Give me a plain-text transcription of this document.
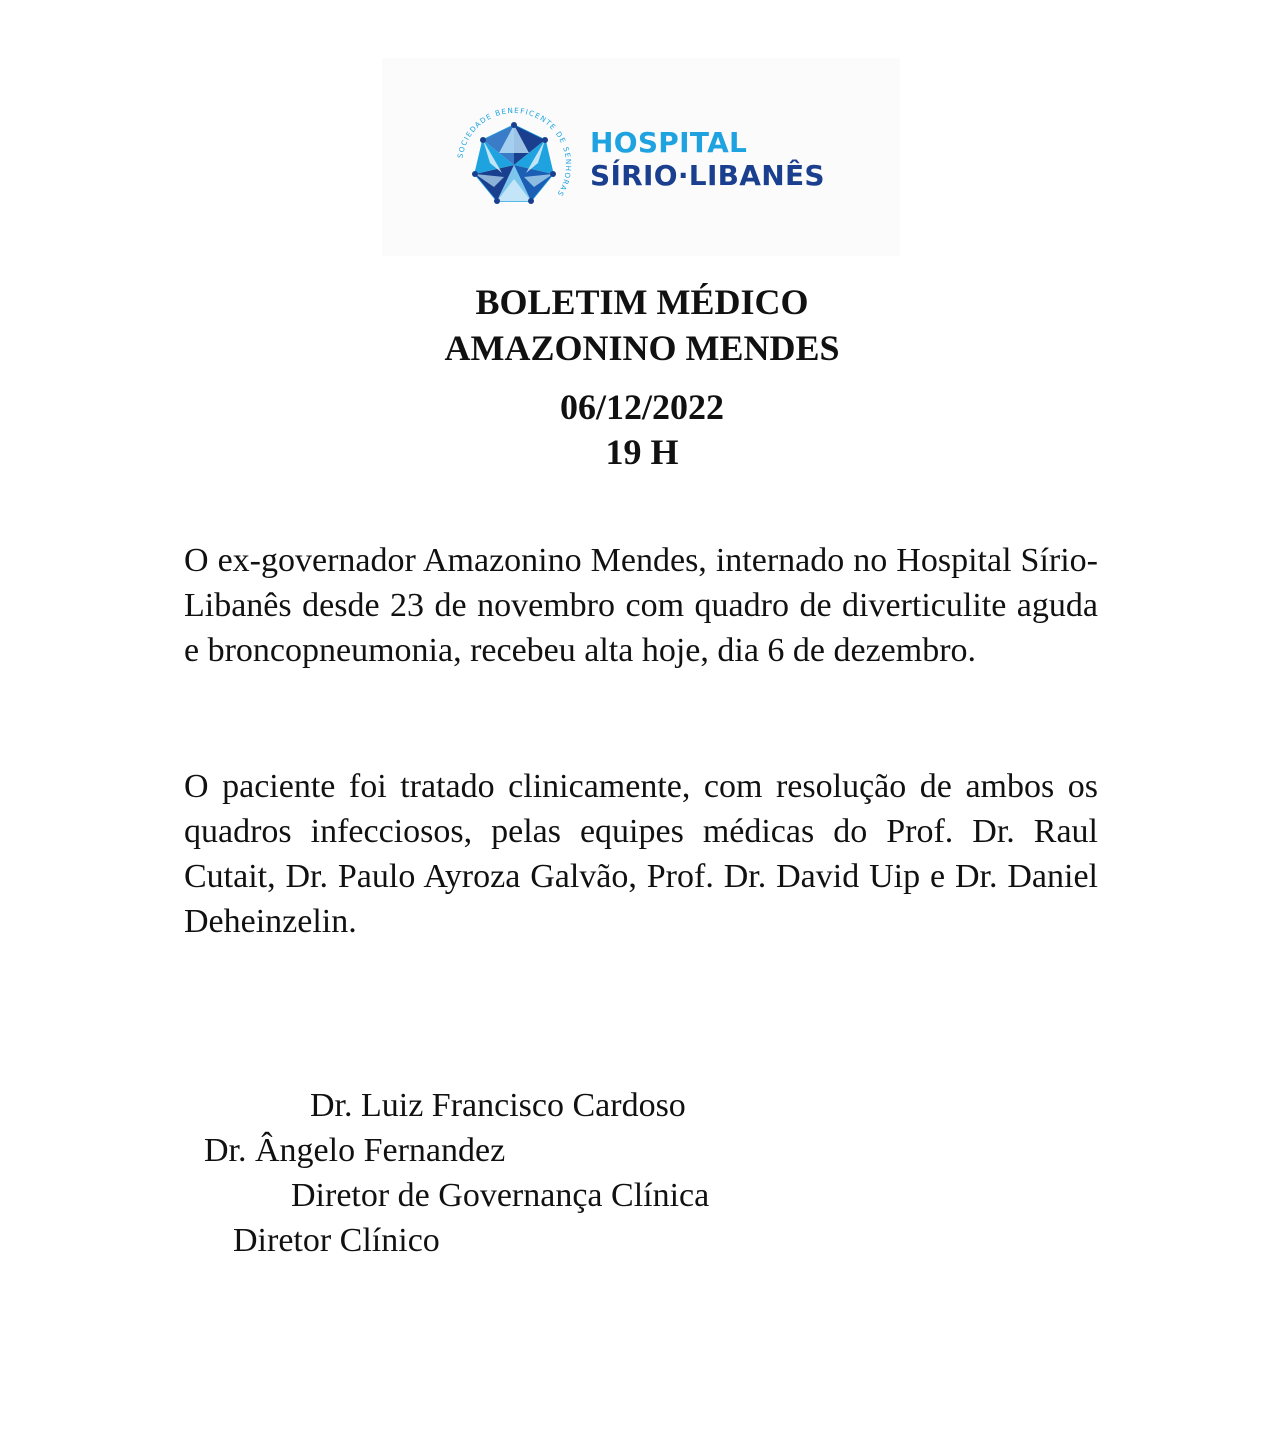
SOCIEDADE BENEFICENTE DE SENHORAS
HOSPITAL
SÍRIO·LIBANÊS
BOLETIM MÉDICO
AMAZONINO MENDES
06/12/2022
19 H

O ex-governador Amazonino Mendes, internado no Hospital Sírio-Libanês desde 23 de novembro com quadro de diverticulite aguda e broncopneumonia, recebeu alta hoje, dia 6 de dezembro.

O paciente foi tratado clinicamente, com resolução de ambos os quadros infecciosos, pelas equipes médicas do Prof. Dr. Raul Cutait, Dr. Paulo Ayroza Galvão, Prof. Dr. David Uip e Dr. Daniel Deheinzelin.

Dr. Luiz Francisco Cardoso
Dr. Ângelo Fernandez
Diretor de Governança Clínica
Diretor Clínico
